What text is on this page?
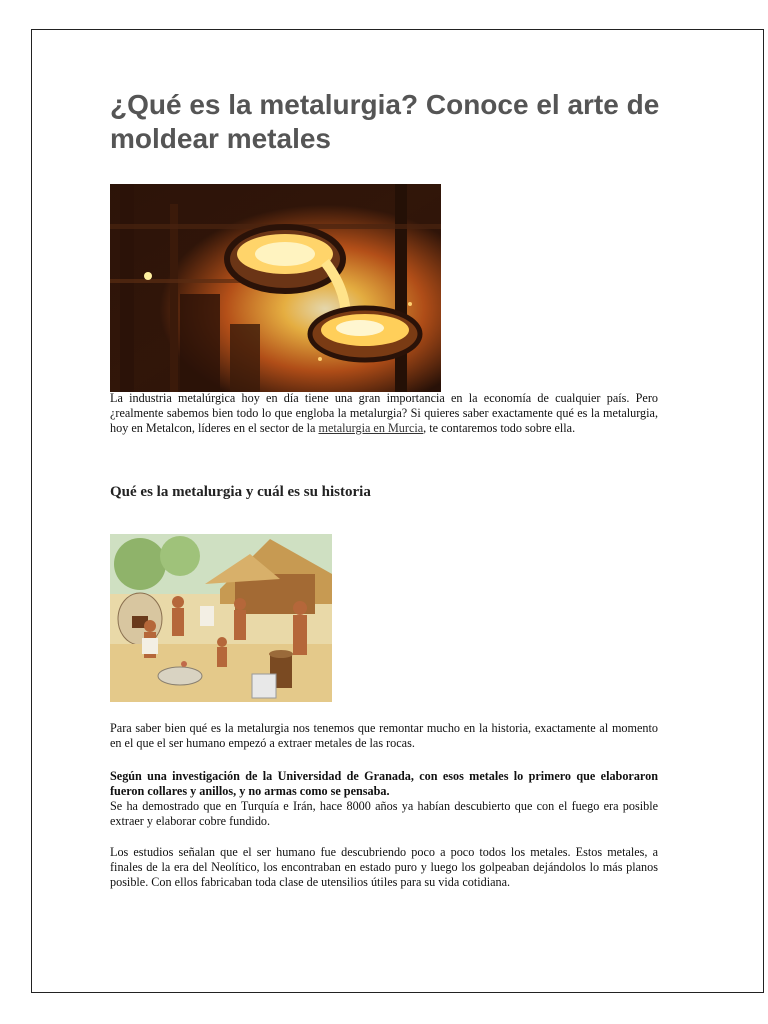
¿Qué es la metalurgia? Conoce el arte de moldear metales

La industria metalúrgica hoy en día tiene una gran importancia en la economía de cualquier país. Pero ¿realmente sabemos bien todo lo que engloba la metalurgia? Si quieres saber exactamente qué es la metalurgia, hoy en Metalcon, líderes en el sector de la metalurgia en Murcia, te contaremos todo sobre ella.

Qué es la metalurgia y cuál es su historia

Para saber bien qué es la metalurgia nos tenemos que remontar mucho en la historia, exactamente al momento en el que el ser humano empezó a extraer metales de las rocas.

Según una investigación de la Universidad de Granada, con esos metales lo primero que elaboraron fueron collares y anillos, y no armas como se pensaba.
Se ha demostrado que en Turquía e Irán, hace 8000 años ya habían descubierto que con el fuego era posible extraer y elaborar cobre fundido.

Los estudios señalan que el ser humano fue descubriendo poco a poco todos los metales. Estos metales, a finales de la era del Neolítico, los encontraban en estado puro y luego los golpeaban dejándolos lo más planos posible. Con ellos fabricaban toda clase de utensilios útiles para su vida cotidiana.
